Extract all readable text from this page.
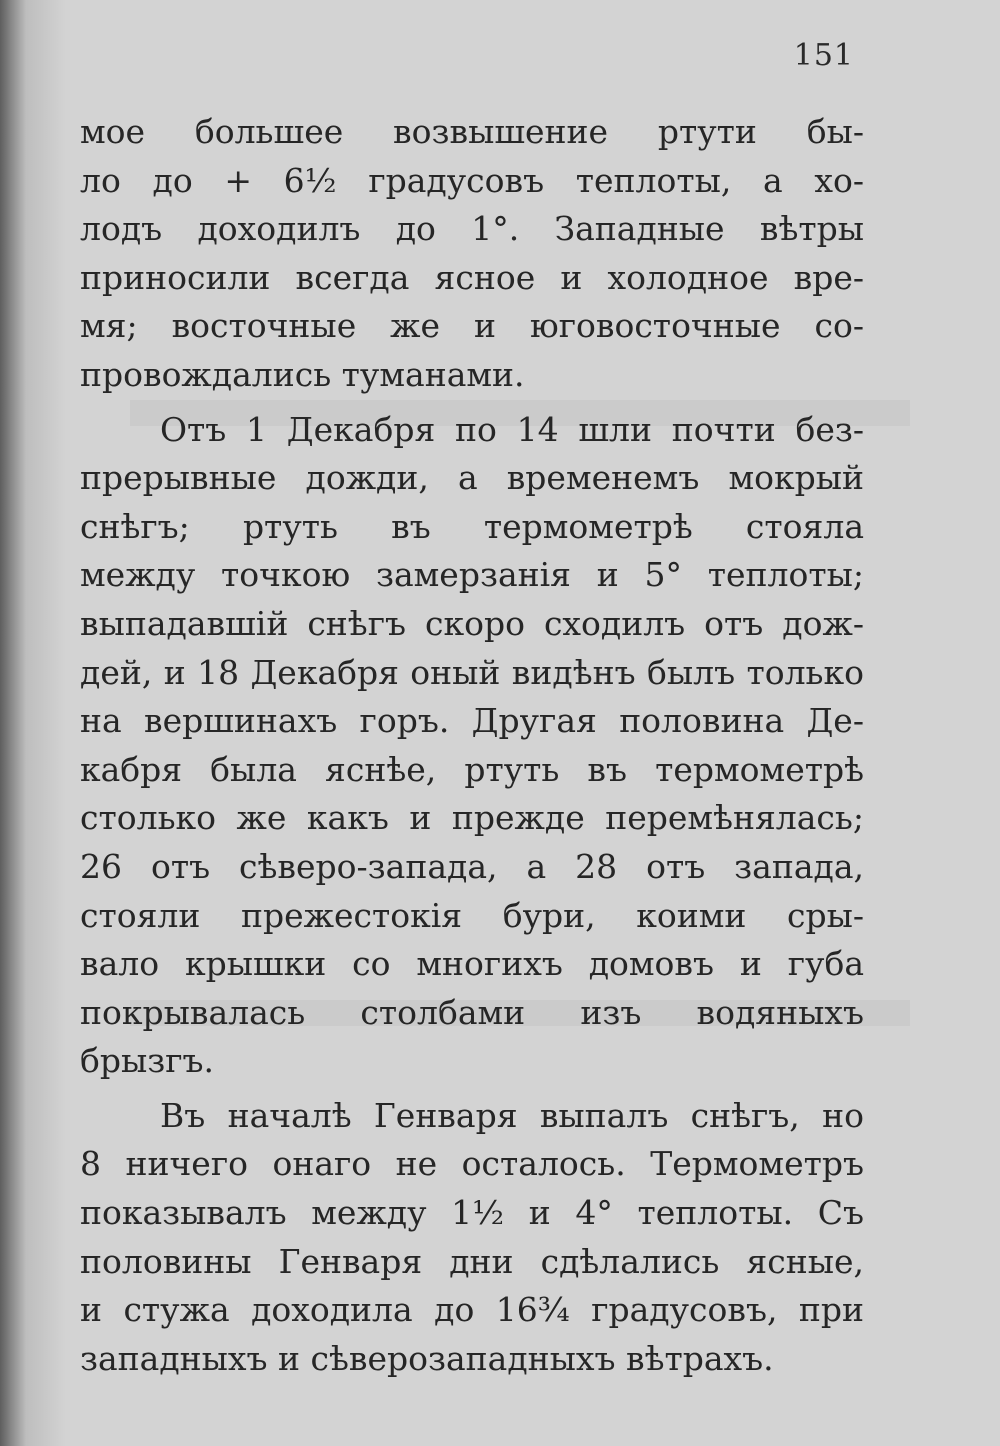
151
мое большее возвышение ртути бы-
ло до + 6½ градусовъ теплоты, а хо-
лодъ доходилъ до 1°. Западные вѣтры
приносили всегда ясное и холодное вре-
мя; восточные же и юговосточные со-
провождались туманами.
Отъ 1 Декабря по 14 шли почти без-
прерывные дожди, а временемъ мокрый
снѣгъ; ртуть въ термометрѣ стояла
между точкою замерзанія и 5° теплоты;
выпадавшій снѣгъ скоро сходилъ отъ дож-
дей, и 18 Декабря оный видѣнъ былъ только
на вершинахъ горъ. Другая половина Де-
кабря была яснѣе, ртуть въ термометрѣ
столько же какъ и прежде перемѣнялась;
26 отъ сѣверо-запада, а 28 отъ запада,
стояли прежестокія бури, коими сры-
вало крышки со многихъ домовъ и губа
покрывалась столбами изъ водяныхъ
брызгъ.
Въ началѣ Генваря выпалъ снѣгъ, но
8 ничего онаго не осталось. Термометръ
показывалъ между 1½ и 4° теплоты. Съ
половины Генваря дни сдѣлались ясные,
и стужа доходила до 16¾ градусовъ, при
западныхъ и сѣверозападныхъ вѣтрахъ.
